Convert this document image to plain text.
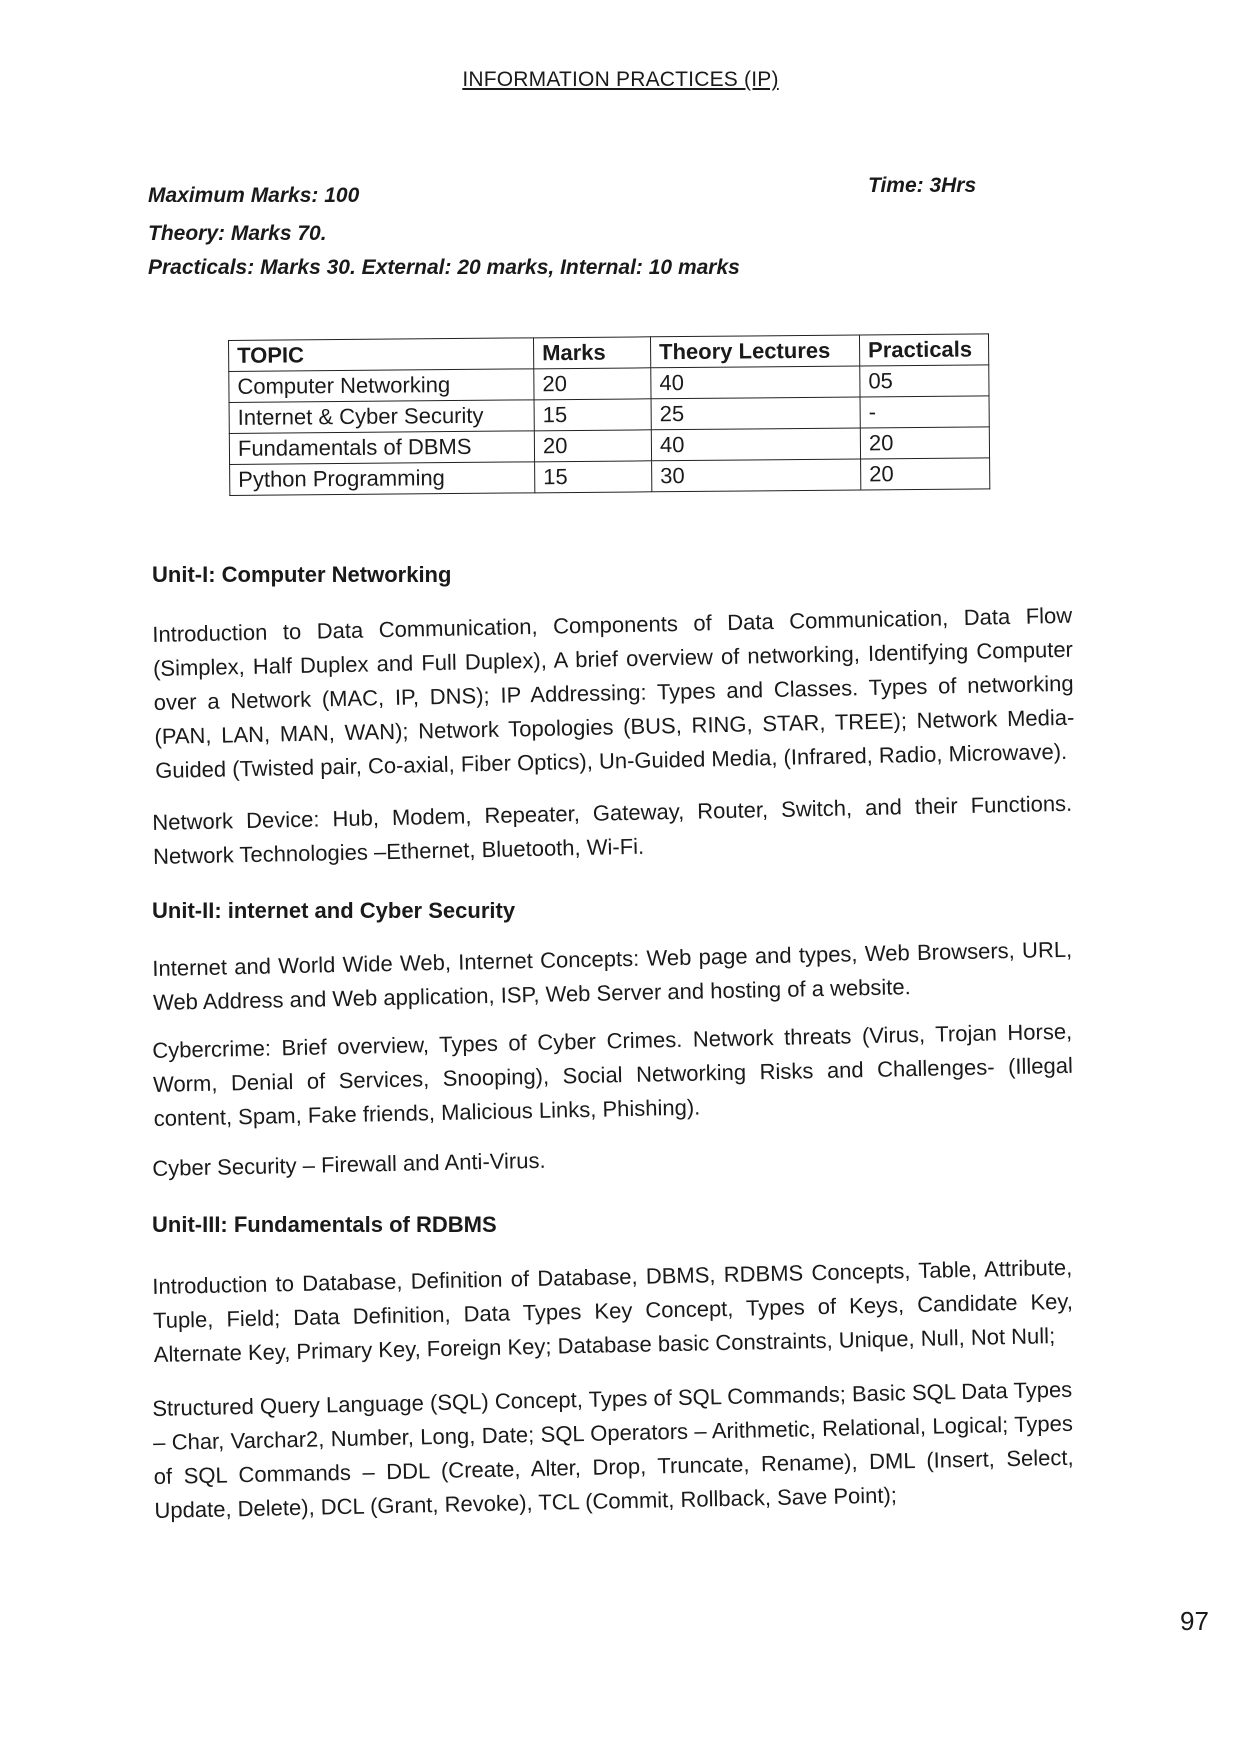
INFORMATION PRACTICES (IP)
Maximum Marks: 100	Time: 3Hrs
Theory: Marks 70.
Practicals: Marks 30. External: 20 marks, Internal: 10 marks
TOPIC	Marks	Theory Lectures	Practicals
Computer Networking	20	40	05
Internet & Cyber Security	15	25	-
Fundamentals of DBMS	20	40	20
Python Programming	15	30	20
Unit-I: Computer Networking
Introduction to Data Communication, Components of Data Communication, Data Flow (Simplex, Half Duplex and Full Duplex), A brief overview of networking, Identifying Computer over a Network (MAC, IP, DNS); IP Addressing: Types and Classes. Types of networking (PAN, LAN, MAN, WAN); Network Topologies (BUS, RING, STAR, TREE); Network Media- Guided (Twisted pair, Co-axial, Fiber Optics), Un-Guided Media, (Infrared, Radio, Microwave).
Network Device: Hub, Modem, Repeater, Gateway, Router, Switch, and their Functions. Network Technologies –Ethernet, Bluetooth, Wi-Fi.
Unit-II: internet and Cyber Security
Internet and World Wide Web, Internet Concepts: Web page and types, Web Browsers, URL, Web Address and Web application, ISP, Web Server and hosting of a website.
Cybercrime: Brief overview, Types of Cyber Crimes. Network threats (Virus, Trojan Horse, Worm, Denial of Services, Snooping), Social Networking Risks and Challenges- (Illegal content, Spam, Fake friends, Malicious Links, Phishing).
Cyber Security – Firewall and Anti-Virus.
Unit-III: Fundamentals of RDBMS
Introduction to Database, Definition of Database, DBMS, RDBMS Concepts, Table, Attribute, Tuple, Field; Data Definition, Data Types Key Concept, Types of Keys, Candidate Key, Alternate Key, Primary Key, Foreign Key; Database basic Constraints, Unique, Null, Not Null;
Structured Query Language (SQL) Concept, Types of SQL Commands; Basic SQL Data Types – Char, Varchar2, Number, Long, Date; SQL Operators – Arithmetic, Relational, Logical; Types of SQL Commands – DDL (Create, Alter, Drop, Truncate, Rename), DML (Insert, Select, Update, Delete), DCL (Grant, Revoke), TCL (Commit, Rollback, Save Point);
97
